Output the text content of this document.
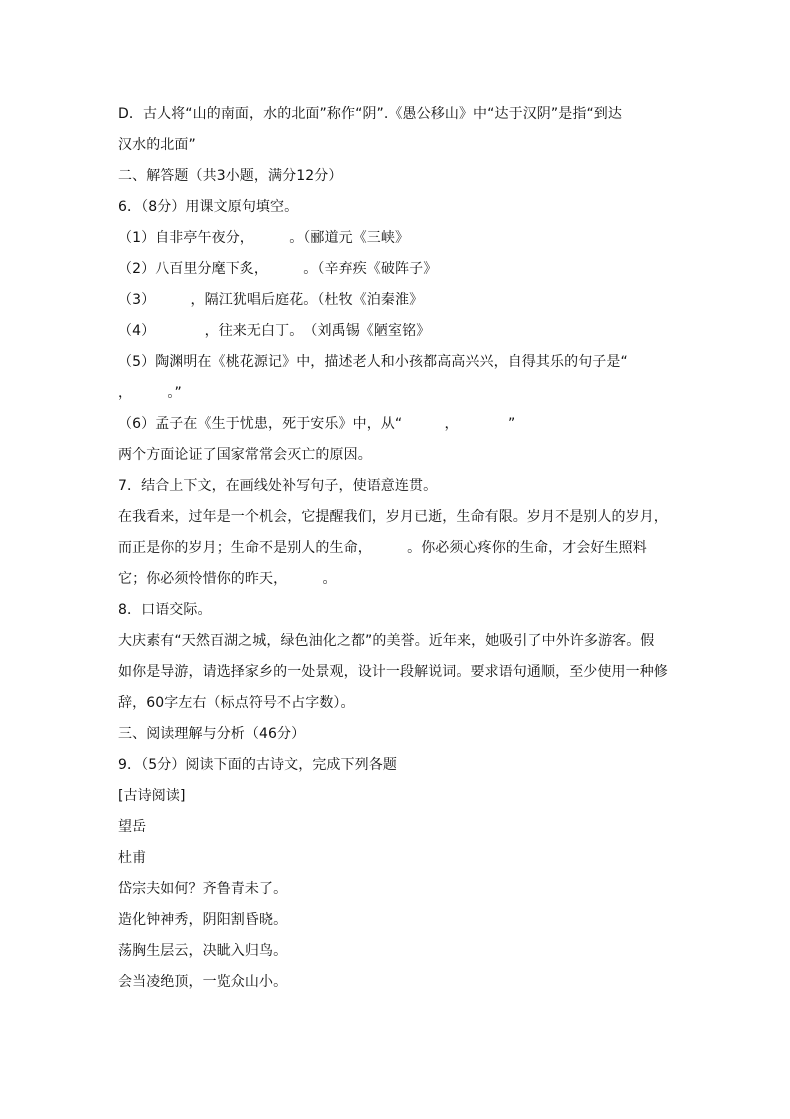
D．古人将“山的南面，水的北面”称作“阴”.《愚公移山》中“达于汉阴”是指“到达
汉水的北面”
二、解答题（共3小题，满分12分）
6．（8分）用课文原句填空。
（1）自非亭午夜分，　　　。（郦道元《三峡》
（2）八百里分麾下炙，　　　。（辛弃疾《破阵子》
（3）　　　，隔江犹唱后庭花。（杜牧《泊秦淮》
（4）　　　　，往来无白丁。　（刘禹锡《陋室铭》
（5）陶渊明在《桃花源记》中，描述老人和小孩都高高兴兴，自得其乐的句子是“
，　　　。”
（6）孟子在《生于忧患，死于安乐》中，从“　　　，　　　　”
两个方面论证了国家常常会灭亡的原因。
7．结合上下文，在画线处补写句子，使语意连贯。
在我看来，过年是一个机会，它提醒我们，岁月已逝，生命有限。岁月不是别人的岁月，
而正是你的岁月；生命不是别人的生命，　　　。你必须心疼你的生命，才会好生照料
它；你必须怜惜你的昨天，　　　。
8．口语交际。
大庆素有“天然百湖之城，绿色油化之都”的美誉。近年来，她吸引了中外许多游客。假
如你是导游，请选择家乡的一处景观，设计一段解说词。要求语句通顺，至少使用一种修
辞，60字左右（标点符号不占字数）。
三、阅读理解与分析（46分）
9．（5分）阅读下面的古诗文，完成下列各题
[古诗阅读]
望岳
杜甫
岱宗夫如何？齐鲁青未了。
造化钟神秀，阴阳割昏晓。
荡胸生层云，决眦入归鸟。
会当凌绝顶，一览众山小。
